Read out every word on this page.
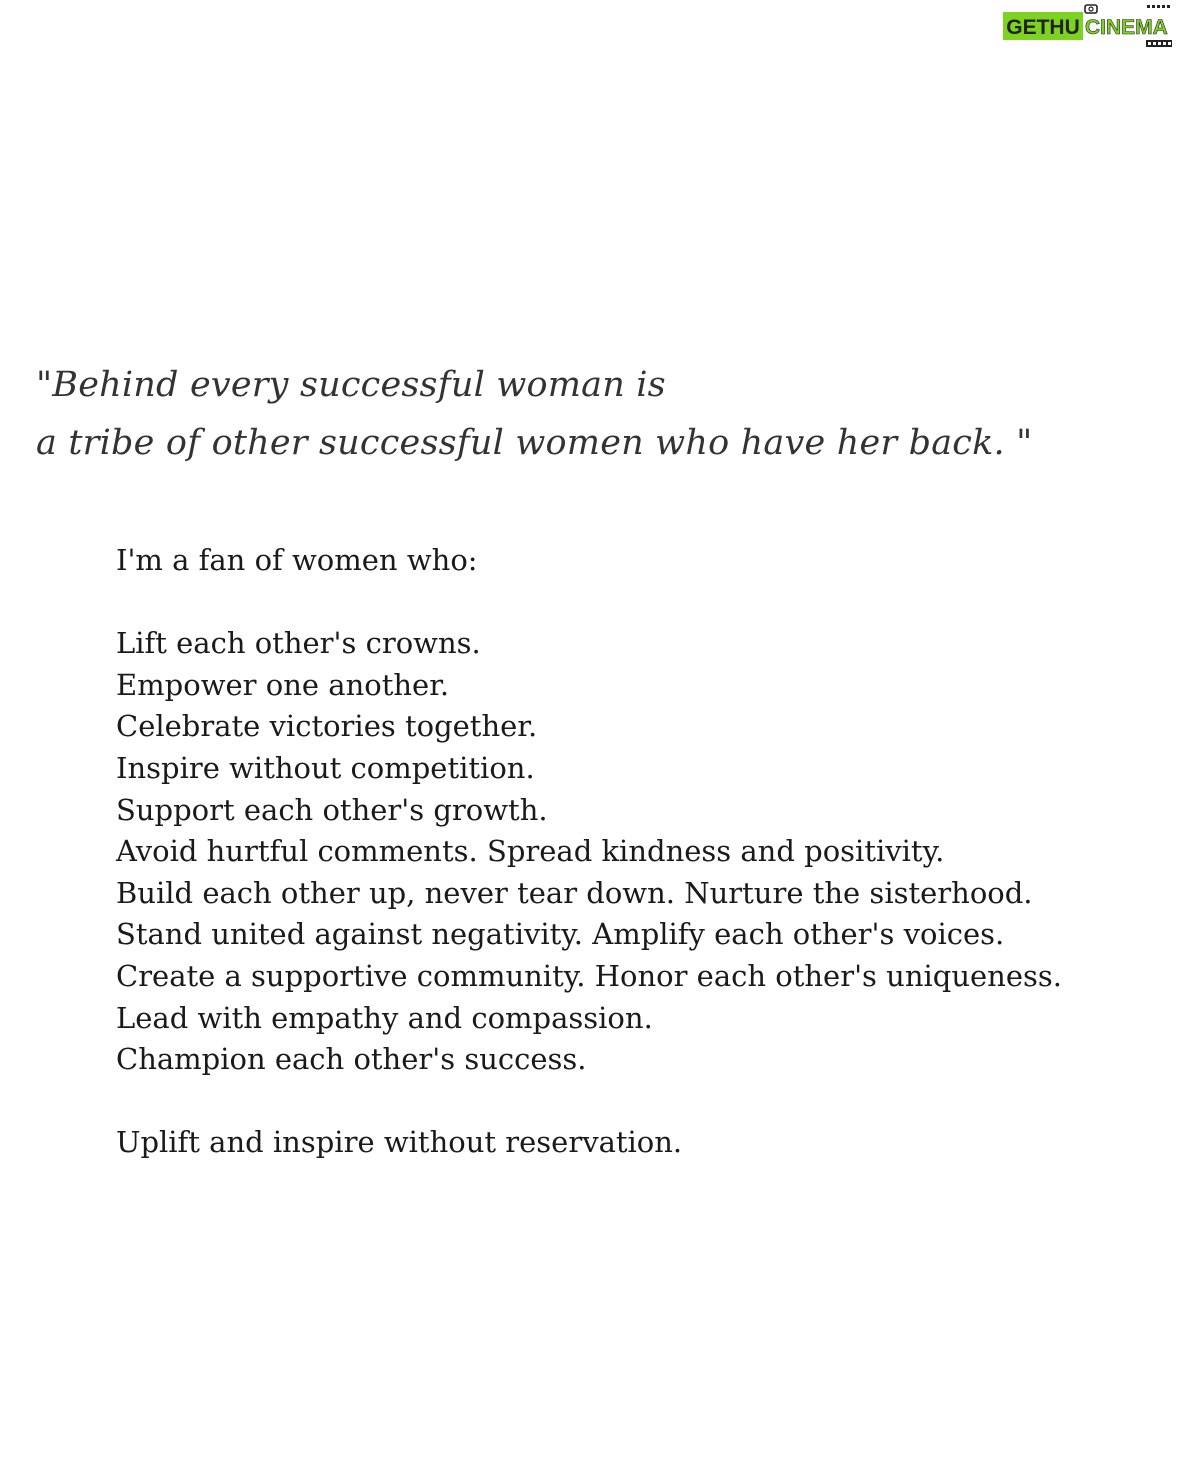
GETHU CINEMA
"Behind every successful woman is
a tribe of other successful women who have her back. "
I'm a fan of women who:
Lift each other's crowns.
Empower one another.
Celebrate victories together.
Inspire without competition.
Support each other's growth.
Avoid hurtful comments. Spread kindness and positivity.
Build each other up, never tear down. Nurture the sisterhood.
Stand united against negativity. Amplify each other's voices.
Create a supportive community. Honor each other's uniqueness.
Lead with empathy and compassion.
Champion each other's success.
Uplift and inspire without reservation.
